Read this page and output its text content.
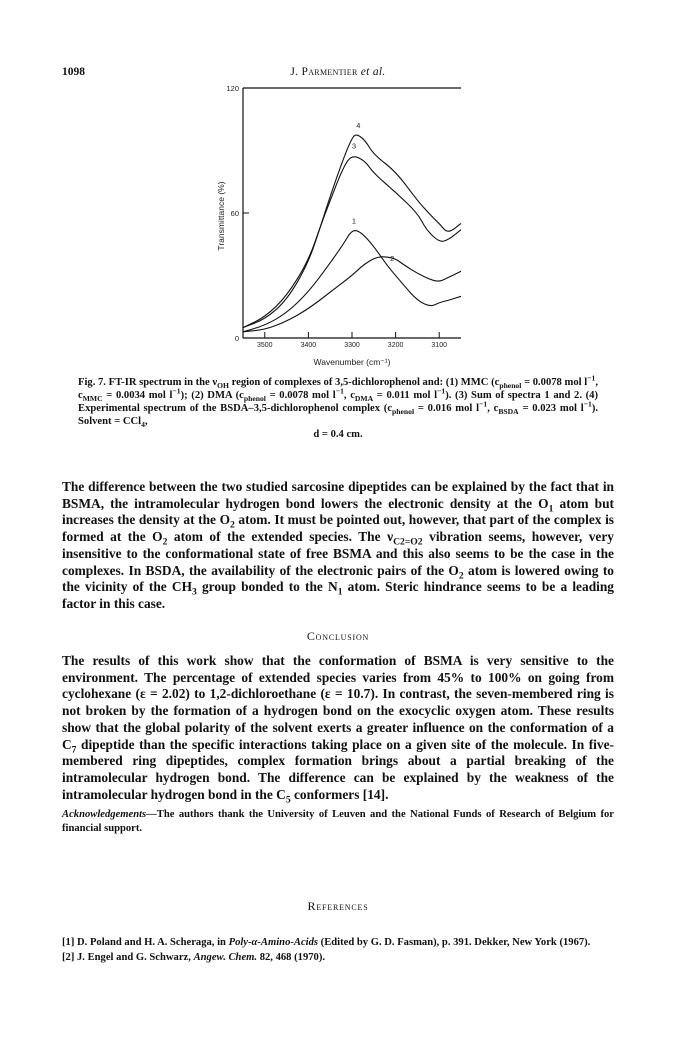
1098	J. Parmentier et al.
0
60
120
3500	3400	3300	3200	3100
1
2
3
4
Transmittance (%)
Wavenumber (cm⁻¹)
Fig. 7. FT-IR spectrum in the $\nu_{OH}$ region of complexes of 3,5-dichlorophenol and: (1) MMC ($c_{phenol} = 0.0078$ mol $l^{-1}$, $c_{MMC} = 0.0034$ mol $l^{-1}$); (2) DMA ($c_{phenol} = 0.0078$ mol $l^{-1}$, $c_{DMA} = 0.011$ mol $l^{-1}$). (3) Sum of spectra 1 and 2. (4) Experimental spectrum of the BSDA–3,5-dichlorophenol complex ($c_{phenol} = 0.016$ mol $l^{-1}$, $c_{BSDA} = 0.023$ mol $l^{-1}$). Solvent = CCl$_4$,
d = 0.4 cm.

The difference between the two studied sarcosine dipeptides can be explained by the fact that in BSMA, the intramolecular hydrogen bond lowers the electronic density at the $O_1$ atom but increases the density at the $O_2$ atom. It must be pointed out, however, that part of the complex is formed at the $O_2$ atom of the extended species. The $\nu_{C2=O2}$ vibration seems, however, very insensitive to the conformational state of free BSMA and this also seems to be the case in the complexes. In BSDA, the availability of the electronic pairs of the $O_2$ atom is lowered owing to the vicinity of the $CH_3$ group bonded to the $N_1$ atom. Steric hindrance seems to be a leading factor in this case.

Conclusion

The results of this work show that the conformation of BSMA is very sensitive to the environment. The percentage of extended species varies from 45% to 100% on going from cyclohexane (ε = 2.02) to 1,2-dichloroethane (ε = 10.7). In contrast, the seven-membered ring is not broken by the formation of a hydrogen bond on the exocyclic oxygen atom. These results show that the global polarity of the solvent exerts a greater influence on the conformation of a $C_7$ dipeptide than the specific interactions taking place on a given site of the molecule. In five-membered ring dipeptides, complex formation brings about a partial breaking of the intramolecular hydrogen bond. The difference can be explained by the weakness of the intramolecular hydrogen bond in the $C_5$ conformers [14].

Acknowledgements—The authors thank the University of Leuven and the National Funds of Research of Belgium for financial support.
References

[1] D. Poland and H. A. Scheraga, in Poly-α-Amino-Acids (Edited by G. D. Fasman), p. 391. Dekker, New York (1967).

[2] J. Engel and G. Schwarz, Angew. Chem. 82, 468 (1970).
